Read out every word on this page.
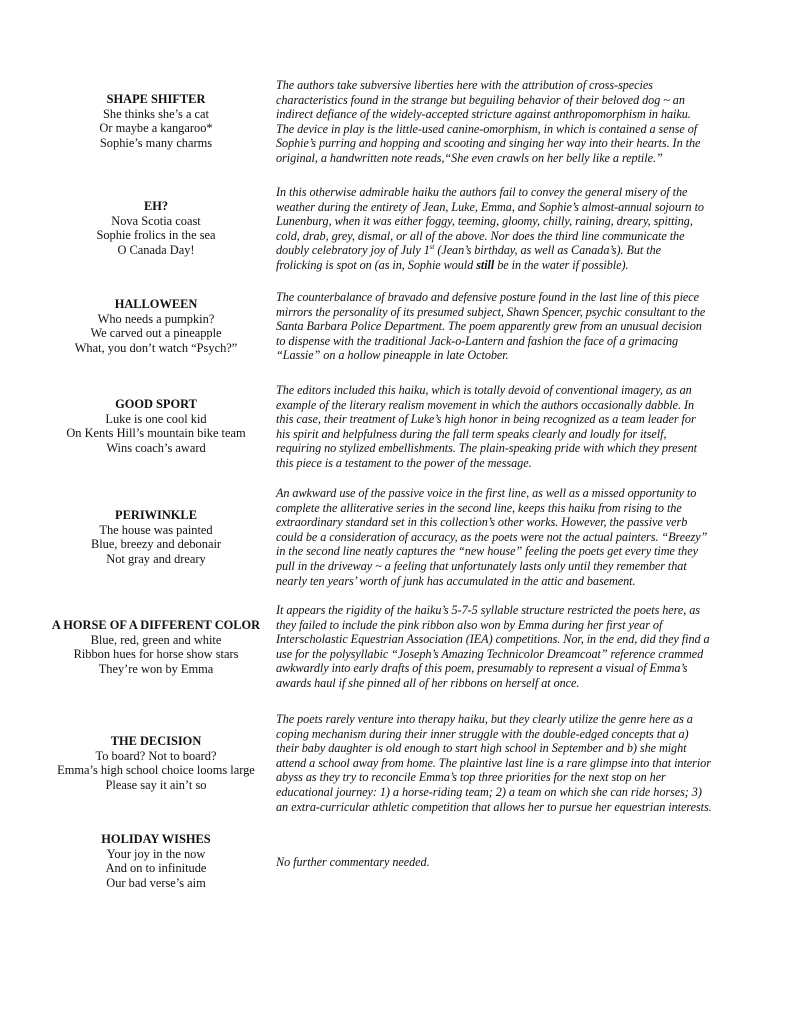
SHAPE SHIFTER
She thinks she’s a cat
Or maybe a kangaroo*
Sophie’s many charms
The authors take subversive liberties here with the attribution of cross-species
characteristics found in the strange but beguiling behavior of their beloved dog ~ an
indirect defiance of the widely-accepted stricture against anthropomorphism in haiku.
The device in play is the little-used canine-omorphism, in which is contained a sense of
Sophie’s purring and hopping and scooting and singing her way into their hearts. In the
original, a handwritten note reads,“She even crawls on her belly like a reptile.”
EH?
Nova Scotia coast
Sophie frolics in the sea
O Canada Day!
In this otherwise admirable haiku the authors fail to convey the general misery of the
weather during the entirety of Jean, Luke, Emma, and Sophie’s almost-annual sojourn to
Lunenburg, when it was either foggy, teeming, gloomy, chilly, raining, dreary, spitting,
cold, drab, grey, dismal, or all of the above. Nor does the third line communicate the
doubly celebratory joy of July 1st (Jean’s birthday, as well as Canada’s). But the
frolicking is spot on (as in, Sophie would still be in the water if possible).
HALLOWEEN
Who needs a pumpkin?
We carved out a pineapple
What, you don’t watch “Psych?”
The counterbalance of bravado and defensive posture found in the last line of this piece
mirrors the personality of its presumed subject, Shawn Spencer, psychic consultant to the
Santa Barbara Police Department. The poem apparently grew from an unusual decision
to dispense with the traditional Jack-o-Lantern and fashion the face of a grimacing
“Lassie” on a hollow pineapple in late October.
GOOD SPORT
Luke is one cool kid
On Kents Hill’s mountain bike team
Wins coach’s award
The editors included this haiku, which is totally devoid of conventional imagery, as an
example of the literary realism movement in which the authors occasionally dabble. In
this case, their treatment of Luke’s high honor in being recognized as a team leader for
his spirit and helpfulness during the fall term speaks clearly and loudly for itself,
requiring no stylized embellishments. The plain-speaking pride with which they present
this piece is a testament to the power of the message.
PERIWINKLE
The house was painted
Blue, breezy and debonair
Not gray and dreary
An awkward use of the passive voice in the first line, as well as a missed opportunity to
complete the alliterative series in the second line, keeps this haiku from rising to the
extraordinary standard set in this collection’s other works. However, the passive verb
could be a consideration of accuracy, as the poets were not the actual painters. “Breezy”
in the second line neatly captures the “new house” feeling the poets get every time they
pull in the driveway ~ a feeling that unfortunately lasts only until they remember that
nearly ten years’ worth of junk has accumulated in the attic and basement.
A HORSE OF A DIFFERENT COLOR
Blue, red, green and white
Ribbon hues for horse show stars
They’re won by Emma
It appears the rigidity of the haiku’s 5-7-5 syllable structure restricted the poets here, as
they failed to include the pink ribbon also won by Emma during her first year of
Interscholastic Equestrian Association (IEA) competitions. Nor, in the end, did they find a
use for the polysyllabic “Joseph’s Amazing Technicolor Dreamcoat” reference crammed
awkwardly into early drafts of this poem, presumably to represent a visual of Emma’s
awards haul if she pinned all of her ribbons on herself at once.
THE DECISION
To board? Not to board?
Emma’s high school choice looms large
Please say it ain’t so
The poets rarely venture into therapy haiku, but they clearly utilize the genre here as a
coping mechanism during their inner struggle with the double-edged concepts that a)
their baby daughter is old enough to start high school in September and b) she might
attend a school away from home. The plaintive last line is a rare glimpse into that interior
abyss as they try to reconcile Emma’s top three priorities for the next stop on her
educational journey: 1) a horse-riding team; 2) a team on which she can ride horses; 3)
an extra-curricular athletic competition that allows her to pursue her equestrian interests.
HOLIDAY WISHES
Your joy in the now
And on to infinitude
Our bad verse’s aim
No further commentary needed.
